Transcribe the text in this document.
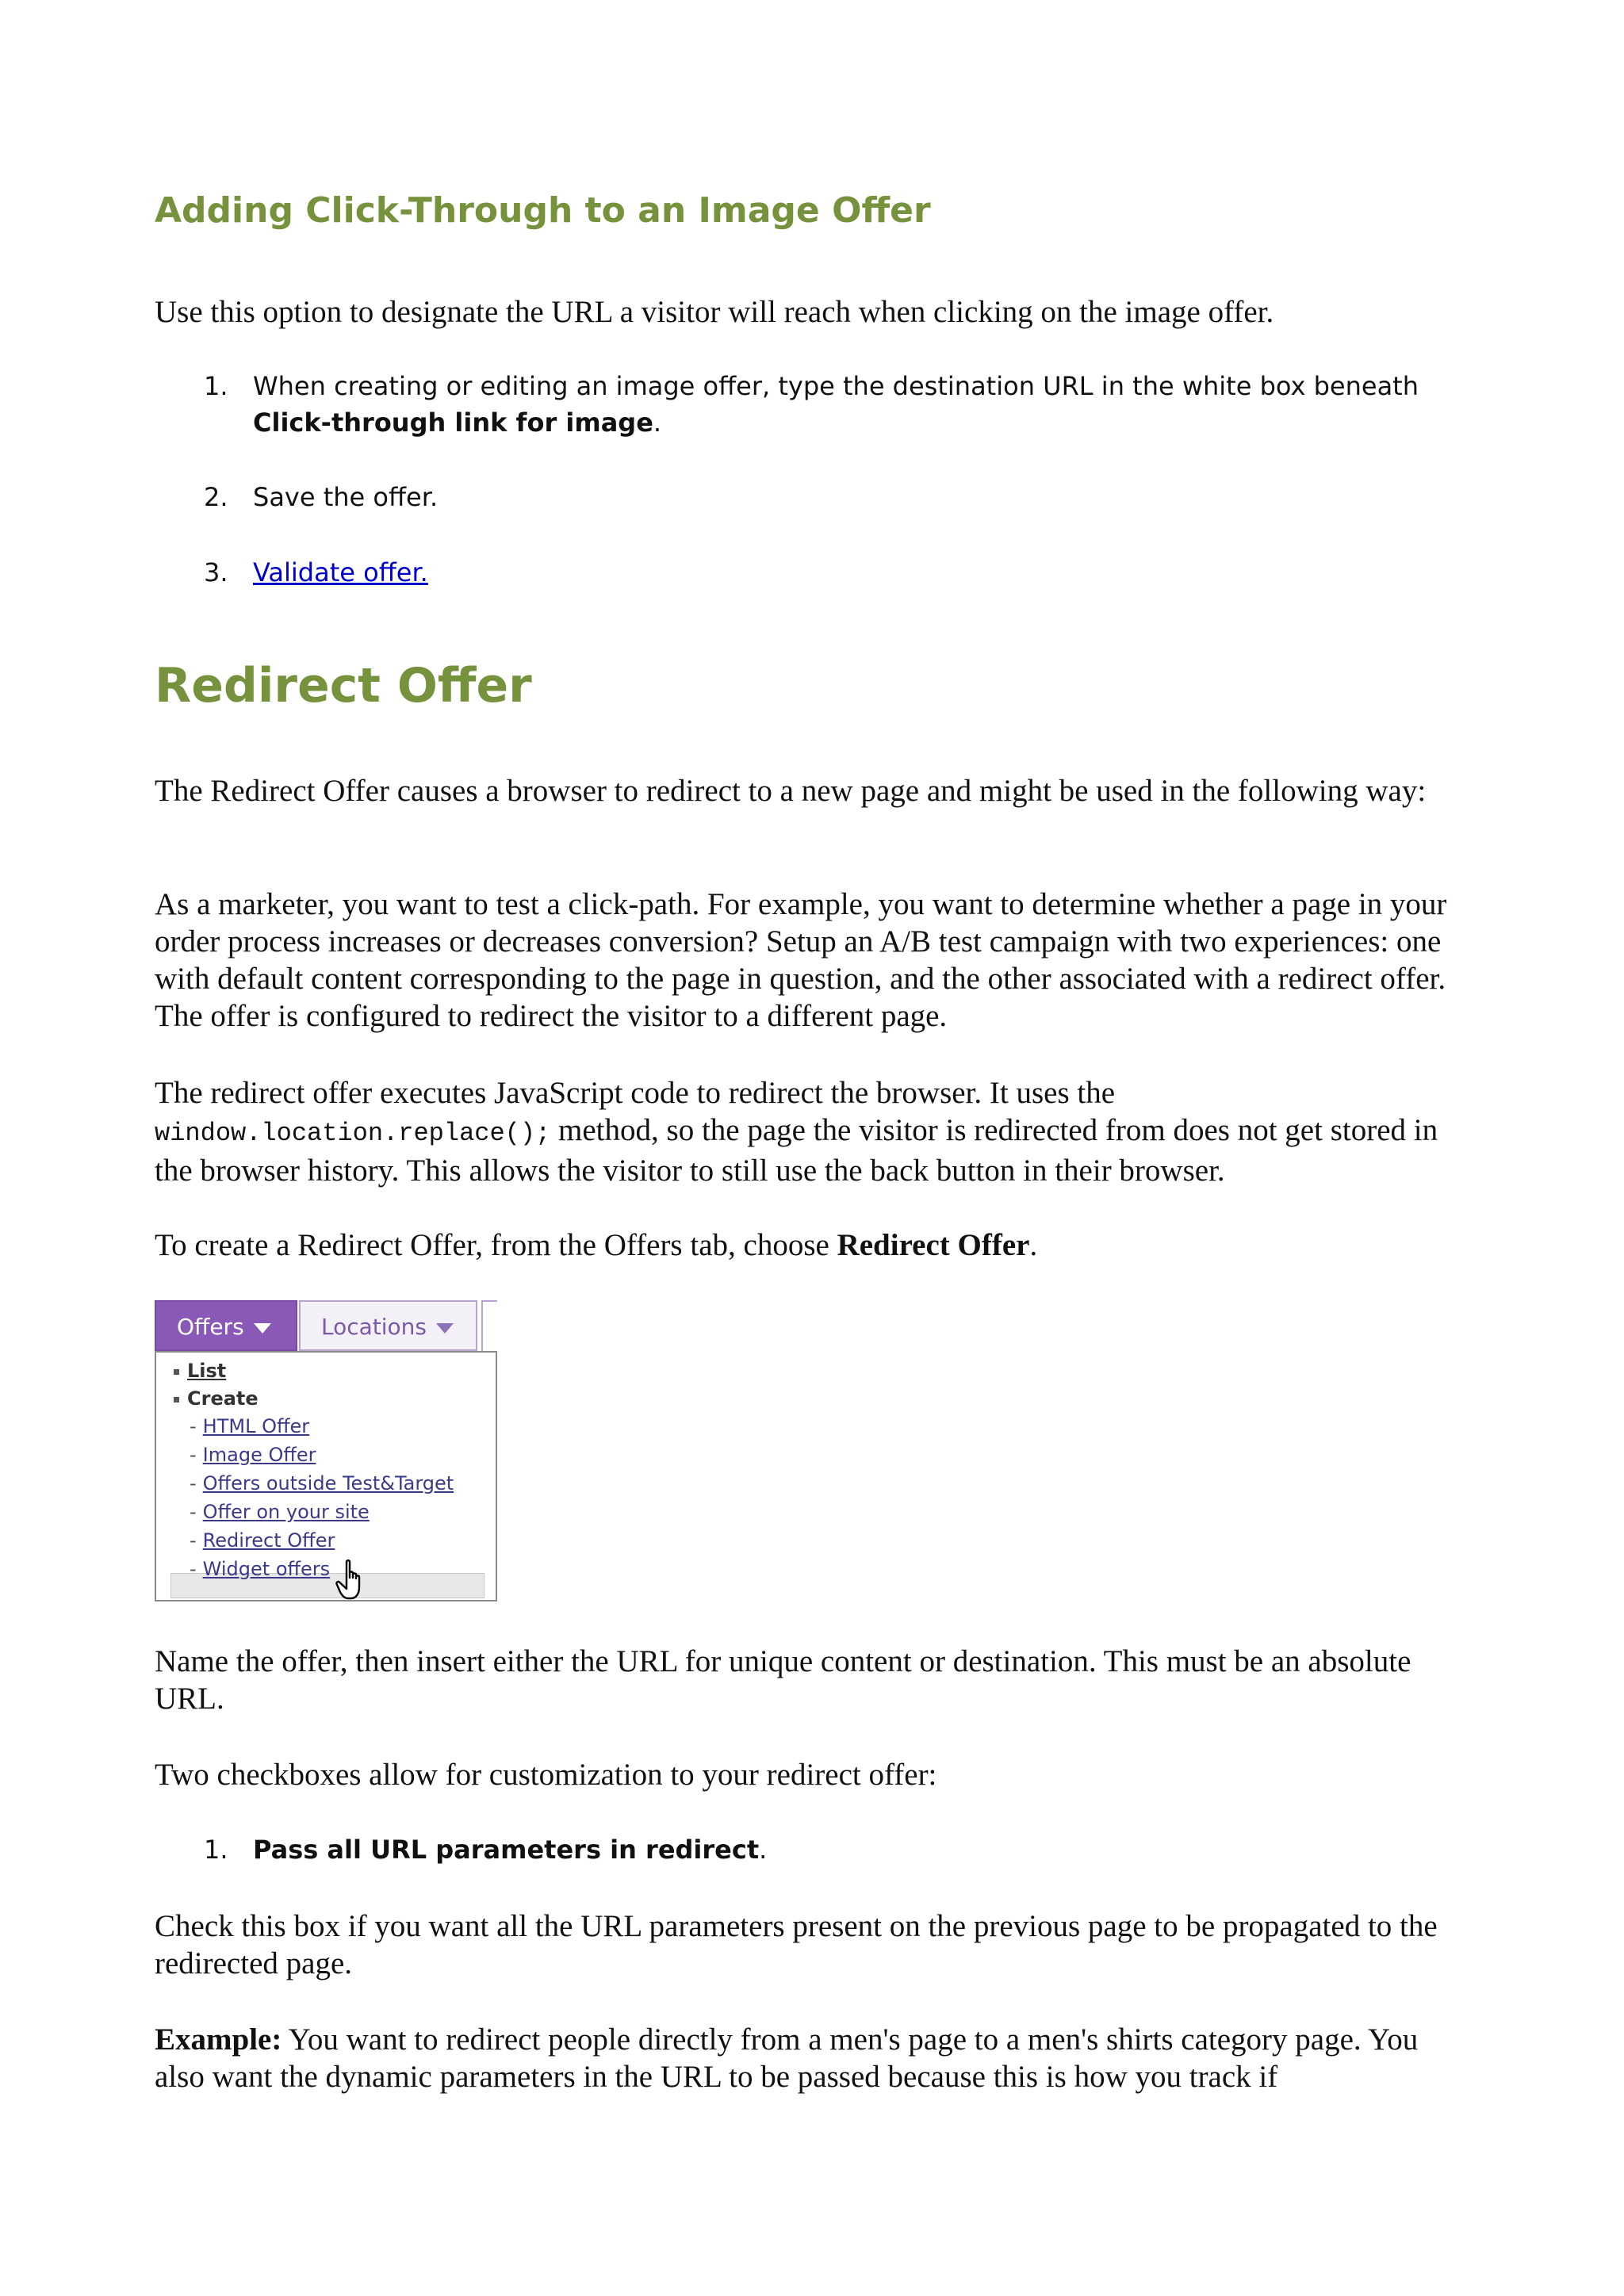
Adding Click-Through to an Image Offer

Use this option to designate the URL a visitor will reach when clicking on the image offer.

1. When creating or editing an image offer, type the destination URL in the white box beneath Click-through link for image.
2. Save the offer.
3. Validate offer.
Redirect Offer

The Redirect Offer causes a browser to redirect to a new page and might be used in the following way:

As a marketer, you want to test a click-path. For example, you want to determine whether a page in your order process increases or decreases conversion? Setup an A/B test campaign with two experiences: one with default content corresponding to the page in question, and the other associated with a redirect offer. The offer is configured to redirect the visitor to a different page.

The redirect offer executes JavaScript code to redirect the browser. It uses the window.location.replace(); method, so the page the visitor is redirected from does not get stored in the browser history. This allows the visitor to still use the back button in their browser.

To create a Redirect Offer, from the Offers tab, choose Redirect Offer.

Offers	Locations
List
Create
- HTML Offer
- Image Offer
- Offers outside Test&Target
- Offer on your site
- Redirect Offer
- Widget offers

Name the offer, then insert either the URL for unique content or destination. This must be an absolute URL.

Two checkboxes allow for customization to your redirect offer:

1. Pass all URL parameters in redirect.

Check this box if you want all the URL parameters present on the previous page to be propagated to the redirected page.

Example: You want to redirect people directly from a men's page to a men's shirts category page. You also want the dynamic parameters in the URL to be passed because this is how you track if
